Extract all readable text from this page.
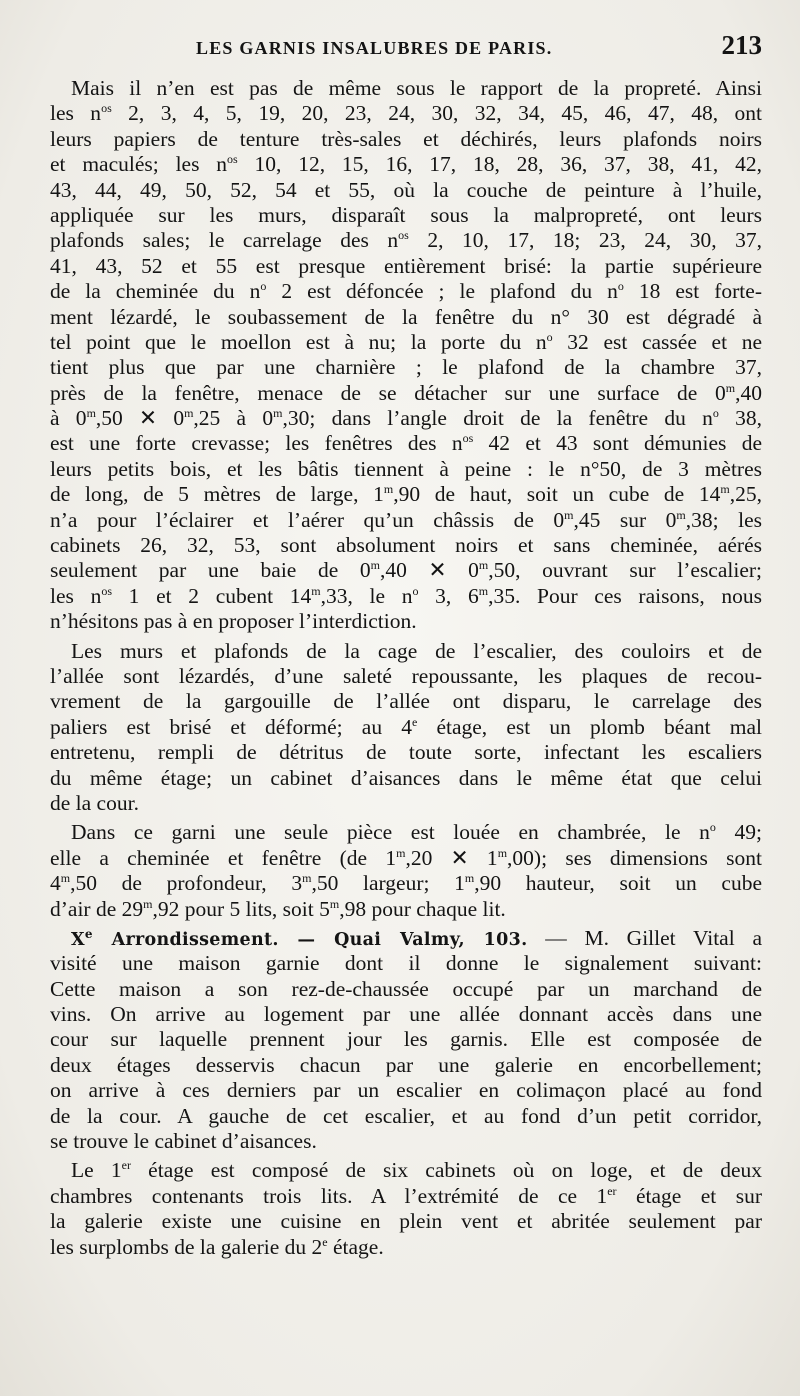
LES GARNIS INSALUBRES DE PARIS.	213
Mais il n’en est pas de même sous le rapport de la propreté. Ainsi
les $n^{os}$ 2, 3, 4, 5, 19, 20, 23, 24, 30, 32, 34, 45, 46, 47, 48, ont
leurs papiers de tenture très-sales et déchirés, leurs plafonds noirs
et maculés; les $n^{os}$ 10, 12, 15, 16, 17, 18, 28, 36, 37, 38, 41, 42,
43, 44, 49, 50, 52, 54 et 55, où la couche de peinture à l’huile,
appliquée sur les murs, disparaît sous la malpropreté, ont leurs
plafonds sales; le carrelage des $n^{os}$ 2, 10, 17, 18; 23, 24, 30, 37,
41, 43, 52 et 55 est presque entièrement brisé: la partie supérieure
de la cheminée du $n^o$ 2 est défoncée ; le plafond du $n^o$ 18 est forte-
ment lézardé, le soubassement de la fenêtre du n° 30 est dégradé à
tel point que le moellon est à nu; la porte du $n^o$ 32 est cassée et ne
tient plus que par une charnière ; le plafond de la chambre 37,
près de la fenêtre, menace de se détacher sur une surface de 0$^m$,40
à 0$^m$,50 ✕ 0$^m$,25 à 0$^m$,30; dans l’angle droit de la fenêtre du $n^o$ 38,
est une forte crevasse; les fenêtres des $n^{os}$ 42 et 43 sont démunies de
leurs petits bois, et les bâtis tiennent à peine : le n°50, de 3 mètres
de long, de 5 mètres de large, 1$^m$,90 de haut, soit un cube de 14$^m$,25,
n’a pour l’éclairer et l’aérer qu’un châssis de 0$^m$,45 sur 0$^m$,38; les
cabinets 26, 32, 53, sont absolument noirs et sans cheminée, aérés
seulement par une baie de 0$^m$,40 ✕ 0$^m$,50, ouvrant sur l’escalier;
les $n^{os}$ 1 et 2 cubent 14$^m$,33, le $n^o$ 3, 6$^m$,35. Pour ces raisons, nous
n’hésitons pas à en proposer l’interdiction.
Les murs et plafonds de la cage de l’escalier, des couloirs et de
l’allée sont lézardés, d’une saleté repoussante, les plaques de recou-
vrement de la gargouille de l’allée ont disparu, le carrelage des
paliers est brisé et déformé; au 4e étage, est un plomb béant mal
entretenu, rempli de détritus de toute sorte, infectant les escaliers
du même étage; un cabinet d’aisances dans le même état que celui
de la cour.
Dans ce garni une seule pièce est louée en chambrée, le $n^o$ 49;
elle a cheminée et fenêtre (de 1$^m$,20 ✕ 1$^m$,00); ses dimensions sont
4$^m$,50 de profondeur, 3$^m$,50 largeur; 1$^m$,90 hauteur, soit un cube
d’air de 29$^m$,92 pour 5 lits, soit 5$^m$,98 pour chaque lit.
Xe Arrondissement. — Quai Valmy, 103. — M. Gillet Vital a
visité une maison garnie dont il donne le signalement suivant:
Cette maison a son rez-de-chaussée occupé par un marchand de
vins. On arrive au logement par une allée donnant accès dans une
cour sur laquelle prennent jour les garnis. Elle est composée de
deux étages desservis chacun par une galerie en encorbellement;
on arrive à ces derniers par un escalier en colimaçon placé au fond
de la cour. A gauche de cet escalier, et au fond d’un petit corridor,
se trouve le cabinet d’aisances.
Le 1er étage est composé de six cabinets où on loge, et de deux
chambres contenants trois lits. A l’extrémité de ce 1er étage et sur
la galerie existe une cuisine en plein vent et abritée seulement par
les surplombs de la galerie du 2e étage.
